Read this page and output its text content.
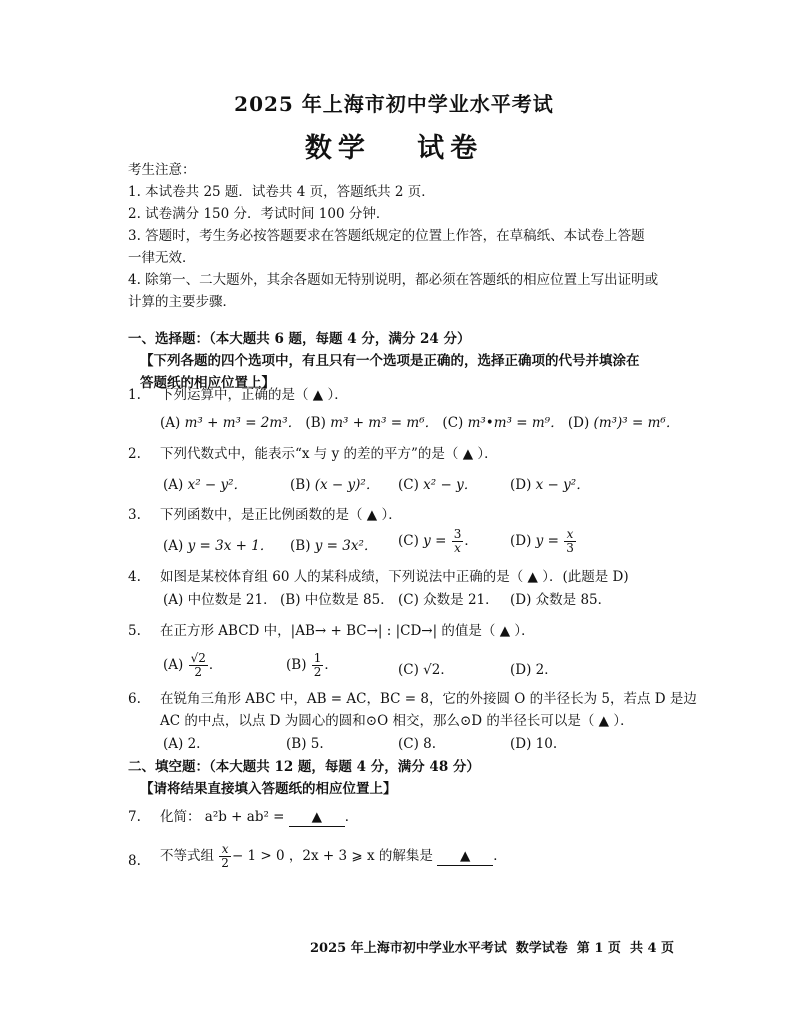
2025 年上海市初中学业水平考试
数学   试卷
考生注意：
1. 本试卷共 25 题．试卷共 4 页，答题纸共 2 页．
2. 试卷满分 150 分．考试时间 100 分钟．
3. 答题时，考生务必按答题要求在答题纸规定的位置上作答，在草稿纸、本试卷上答题
一律无效．
4. 除第一、二大题外，其余各题如无特别说明，都必须在答题纸的相应位置上写出证明或
计算的主要步骤．
一、选择题：（本大题共 6 题，每题 4 分，满分 24 分）
【下列各题的四个选项中，有且只有一个选项是正确的，选择正确项的代号并填涂在
答题纸的相应位置上】
1. 下列运算中，正确的是（ ▲ ）．
(A) m³ + m³ = 2m³． (B) m³ + m³ = m⁶． (C) m³•m³ = m⁹． (D) (m³)³ = m⁶．
2. 下列代数式中，能表示“x 与 y 的差的平方”的是（ ▲ ）．
(A) x² − y²．	(B) (x − y)²． (C) x² − y． (D) x − y²．
3. 下列函数中，是正比例函数的是（ ▲ ）．
(A) y = 3x + 1． (B) y = 3x²． (C) $y = \frac{3}{x}$ ． (D) $y = \frac{x}{3}$
4. 如图是某校体育组 60 人的某科成绩，下列说法中正确的是（ ▲ ）．(此题是 D)
(A) 中位数是 21． (B) 中位数是 85． (C) 众数是 21． (D) 众数是 85．
5. 在正方形 ABCD 中，|AB→ + BC→| : |CD→| 的值是（ ▲ ）．
$(A) \frac{√2}{2}$ ．	$(B) \frac{1}{2}$ ．	(C) √2．	(D) 2．
6. 在锐角三角形 ABC 中，AB = AC，BC = 8，它的外接圆 O 的半径长为 5，若点 D 是边
AC 的中点，以点 D 为圆心的圆和⊙O 相交，那么⊙D 的半径长可以是（ ▲ ）．
(A) 2.	(B) 5.	(C) 8.	(D) 10.
二、填空题：（本大题共 12 题，每题 4 分，满分 48 分）
【请将结果直接填入答题纸的相应位置上】
7. 化简： a²b + ab² = ▲ ．
8. 不等式组 $\frac{x}{2} - 1 > 0$ ，2x + 3 ⩾ x 的解集是 ▲ ．
2025 年上海市初中学业水平考试  数学试卷  第 1 页  共 4 页
